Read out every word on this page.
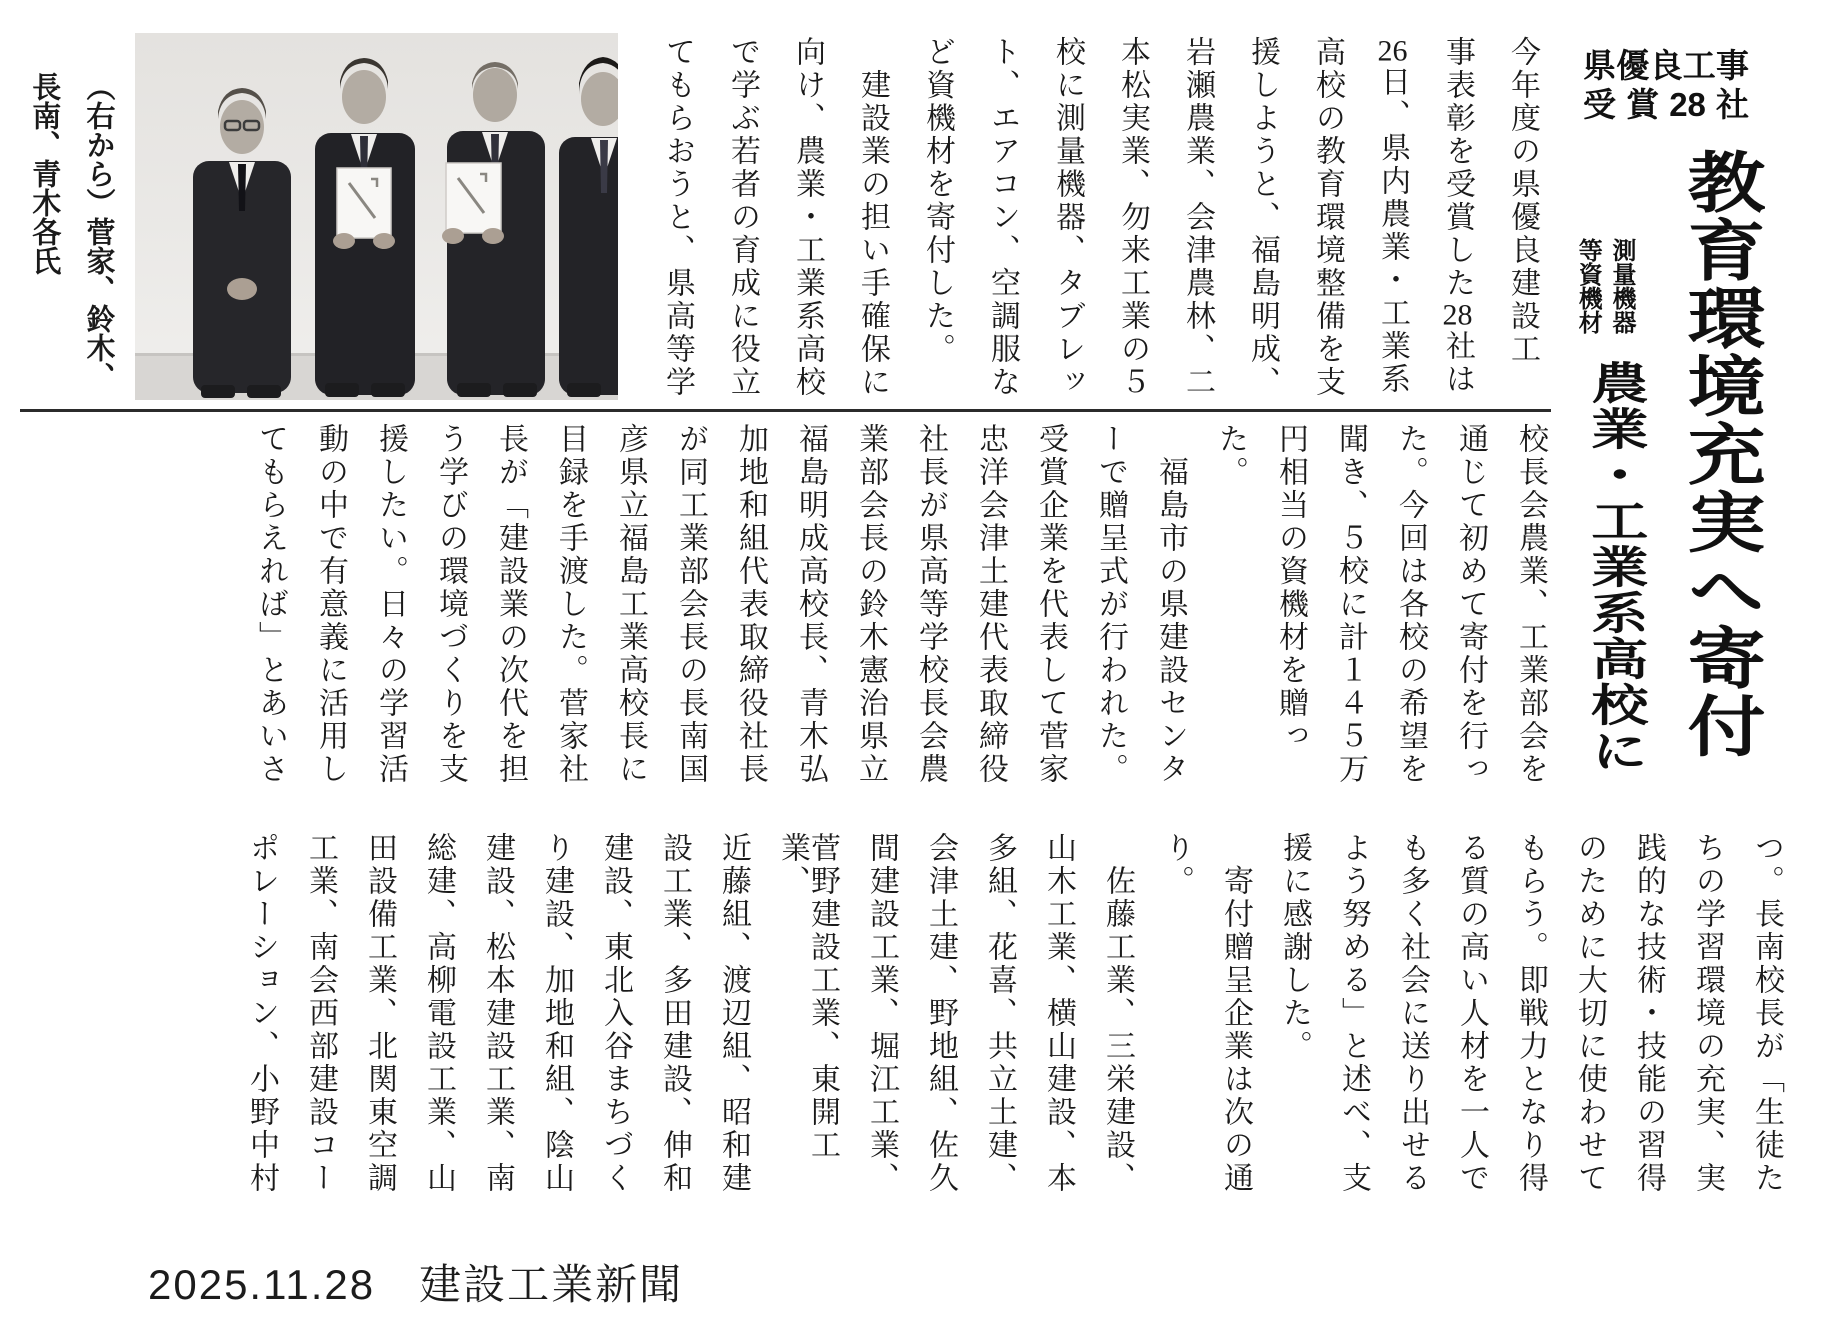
（右から）菅家、鈴木、
長南、青木各氏
県優良工事
受賞28社
教育環境充実へ寄付
測量機器
等資機材
農業・工業系高校に
今年度の県優良建設工
事表彰を受賞した28社は
26日、県内農業・工業系
高校の教育環境整備を支
援しようと、福島明成、
岩瀬農業、会津農林、二
本松実業、勿来工業の５
校に測量機器、タブレッ
ト、エアコン、空調服な
ど資機材を寄付した。
　建設業の担い手確保に
向け、農業・工業系高校
で学ぶ若者の育成に役立
てもらおうと、県高等学
校長会農業、工業部会を
通じて初めて寄付を行っ
た。今回は各校の希望を
聞き、５校に計１４５万
円相当の資機材を贈っ
た。
　福島市の県建設センタ
ーで贈呈式が行われた。
受賞企業を代表して菅家
忠洋会津土建代表取締役
社長が県高等学校長会農
業部会長の鈴木憲治県立
福島明成高校長、青木弘
加地和組代表取締役社長
が同工業部会長の長南国
彦県立福島工業高校長に
目録を手渡した。菅家社
長が「建設業の次代を担
う学びの環境づくりを支
援したい。日々の学習活
動の中で有意義に活用し
てもらえれば」とあいさ
つ。長南校長が「生徒た
ちの学習環境の充実、実
践的な技術・技能の習得
のために大切に使わせて
もらう。即戦力となり得
る質の高い人材を一人で
も多く社会に送り出せる
よう努める」と述べ、支
援に感謝した。
　寄付贈呈企業は次の通
り。
　佐藤工業、三栄建設、
山木工業、横山建設、本
多組、花喜、共立土建、
会津土建、野地組、佐久
間建設工業、堀江工業、
菅野建設工業、東開工業、
近藤組、渡辺組、昭和建
設工業、多田建設、伸和
建設、東北入谷まちづく
り建設、加地和組、陰山
建設、松本建設工業、南
総建、高柳電設工業、山
田設備工業、北関東空調
工業、南会西部建設コー
ポレーション、小野中村
2025.11.28　建設工業新聞
